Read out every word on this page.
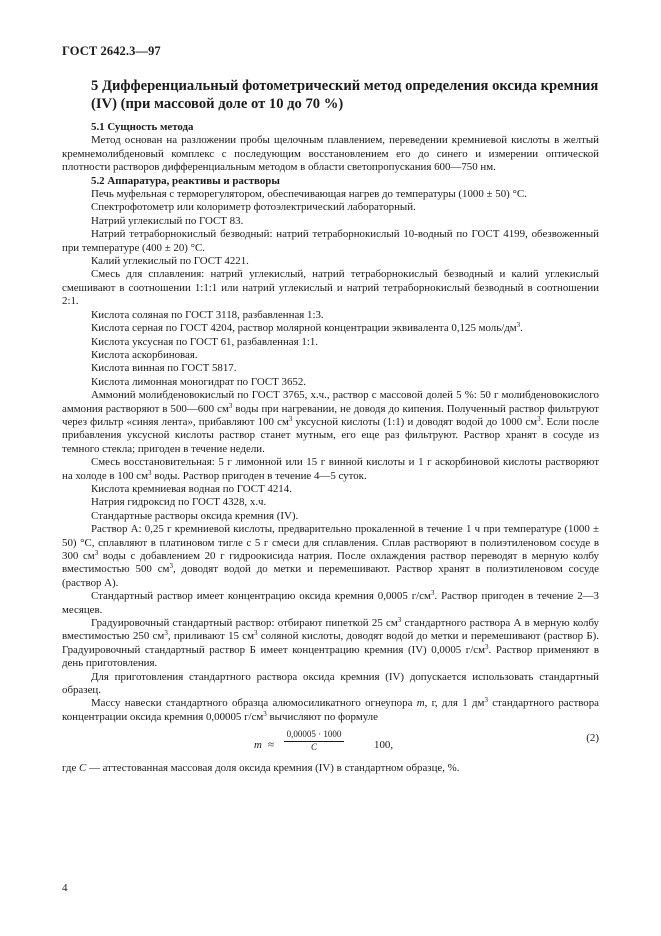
ГОСТ 2642.3—97
5 Дифференциальный фотометрический метод определения оксида кремния (IV) (при массовой доле от 10 до 70 %)

5.1 Сущность метода

Метод основан на разложении пробы щелочным плавлением, переведении кремниевой кислоты в желтый кремнемолибденовый комплекс с последующим восстановлением его до синего и измерении оптической плотности растворов дифференциальным методом в области светопропускания 600—750 нм.

5.2 Аппаратура, реактивы и растворы

Печь муфельная с терморегулятором, обеспечивающая нагрев до температуры (1000 ± 50) °С.

Спектрофотометр или колориметр фотоэлектрический лабораторный.

Натрий углекислый по ГОСТ 83.

Натрий тетраборнокислый безводный: натрий тетраборнокислый 10-водный по ГОСТ 4199, обезвоженный при температуре (400 ± 20) °С.

Калий углекислый по ГОСТ 4221.

Смесь для сплавления: натрий углекислый, натрий тетраборнокислый безводный и калий углекислый смешивают в соотношении 1:1:1 или натрий углекислый и натрий тетраборнокислый безводный в соотношении 2:1.

Кислота соляная по ГОСТ 3118, разбавленная 1:3.

Кислота серная по ГОСТ 4204, раствор молярной концентрации эквивалента 0,125 моль/$дм^3$.

Кислота уксусная по ГОСТ 61, разбавленная 1:1.

Кислота аскорбиновая.

Кислота винная по ГОСТ 5817.

Кислота лимонная моногидрат по ГОСТ 3652.

Аммоний молибденовокислый по ГОСТ 3765, х.ч., раствор с массовой долей 5 %: 50 г молибденовокислого аммония растворяют в 500—600 $см^3$ воды при нагревании, не доводя до кипения. Полученный раствор фильтруют через фильтр «синяя лента», прибавляют 100 $см^3$ уксусной кислоты (1:1) и доводят водой до 1000 $см^3$. Если после прибавления уксусной кислоты раствор станет мутным, его еще раз фильтруют. Раствор хранят в сосуде из темного стекла; пригоден в течение недели.

Смесь восстановительная: 5 г лимонной или 15 г винной кислоты и 1 г аскорбиновой кислоты растворяют на холоде в 100 $см^3$ воды. Раствор пригоден в течение 4—5 суток.

Кислота кремниевая водная по ГОСТ 4214.

Натрия гидроксид по ГОСТ 4328, х.ч.

Стандартные растворы оксида кремния (IV).

Раствор А: 0,25 г кремниевой кислоты, предварительно прокаленной в течение 1 ч при температуре (1000 ± 50) °С, сплавляют в платиновом тигле с 5 г смеси для сплавления. Сплав растворяют в полиэтиленовом сосуде в 300 $см^3$ воды с добавлением 20 г гидроокисида натрия. После охлаждения раствор переводят в мерную колбу вместимостью 500 $см^3$, доводят водой до метки и перемешивают. Раствор хранят в полиэтиленовом сосуде (раствор А).

Стандартный раствор имеет концентрацию оксида кремния 0,0005 $г/см^3$. Раствор пригоден в течение 2—3 месяцев.

Градуировочный стандартный раствор: отбирают пипеткой 25 $см^3$ стандартного раствора А в мерную колбу вместимостью 250 $см^3$, приливают 15 $см^3$ соляной кислоты, доводят водой до метки и перемешивают (раствор Б). Градуировочный стандартный раствор Б имеет концентрацию кремния (IV) 0,0005 $г/см^3$. Раствор применяют в день приготовления.

Для приготовления стандартного раствора оксида кремния (IV) допускается использовать стандартный образец.

Массу навески стандартного образца алюмосиликатного огнеупора m, г, для 1 $дм^3$ стандартного раствора концентрации оксида кремния 0,00005 $г/см^3$ вычисляют по формуле

$m \approx \frac{0,00005 \cdot 1000}{C}$	100,
(2)

где C — аттестованная массовая доля оксида кремния (IV) в стандартном образце, %.

4
